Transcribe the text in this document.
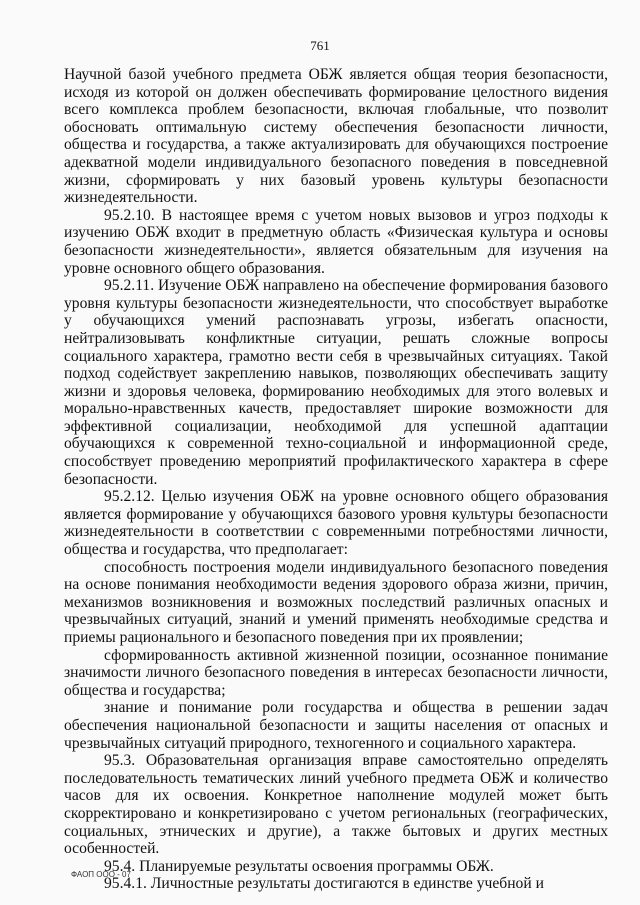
761

Научной базой учебного предмета ОБЖ является общая теория безопасности, исходя из которой он должен обеспечивать формирование целостного видения всего комплекса проблем безопасности, включая глобальные, что позволит обосновать оптимальную систему обеспечения безопасности личности, общества и государства, а также актуализировать для обучающихся построение адекватной модели индивидуального безопасного поведения в повседневной жизни, сформировать у них базовый уровень культуры безопасности жизнедеятельности.

95.2.10. В настоящее время с учетом новых вызовов и угроз подходы к изучению ОБЖ входит в предметную область «Физическая культура и основы безопасности жизнедеятельности», является обязательным для изучения на уровне основного общего образования.

95.2.11. Изучение ОБЖ направлено на обеспечение формирования базового уровня культуры безопасности жизнедеятельности, что способствует выработке у обучающихся умений распознавать угрозы, избегать опасности, нейтрализовывать конфликтные ситуации, решать сложные вопросы социального характера, грамотно вести себя в чрезвычайных ситуациях. Такой подход содействует закреплению навыков, позволяющих обеспечивать защиту жизни и здоровья человека, формированию необходимых для этого волевых и морально-нравственных качеств, предоставляет широкие возможности для эффективной социализации, необходимой для успешной адаптации обучающихся к современной техно-социальной и информационной среде, способствует проведению мероприятий профилактического характера в сфере безопасности.

95.2.12. Целью изучения ОБЖ на уровне основного общего образования является формирование у обучающихся базового уровня культуры безопасности жизнедеятельности в соответствии с современными потребностями личности, общества и государства, что предполагает:

способность построения модели индивидуального безопасного поведения на основе понимания необходимости ведения здорового образа жизни, причин, механизмов возникновения и возможных последствий различных опасных и чрезвычайных ситуаций, знаний и умений применять необходимые средства и приемы рационального и безопасного поведения при их проявлении;

сформированность активной жизненной позиции, осознанное понимание значимости личного безопасного поведения в интересах безопасности личности, общества и государства;

знание и понимание роли государства и общества в решении задач обеспечения национальной безопасности и защиты населения от опасных и чрезвычайных ситуаций природного, техногенного и социального характера.

95.3. Образовательная организация вправе самостоятельно определять последовательность тематических линий учебного предмета ОБЖ и количество часов для их освоения. Конкретное наполнение модулей может быть скорректировано и конкретизировано с учетом региональных (географических, социальных, этнических и другие), а также бытовых и других местных особенностей.

95.4. Планируемые результаты освоения программы ОБЖ.

95.4.1. Личностные результаты достигаются в единстве учебной и

ФАОП ООО - 07
